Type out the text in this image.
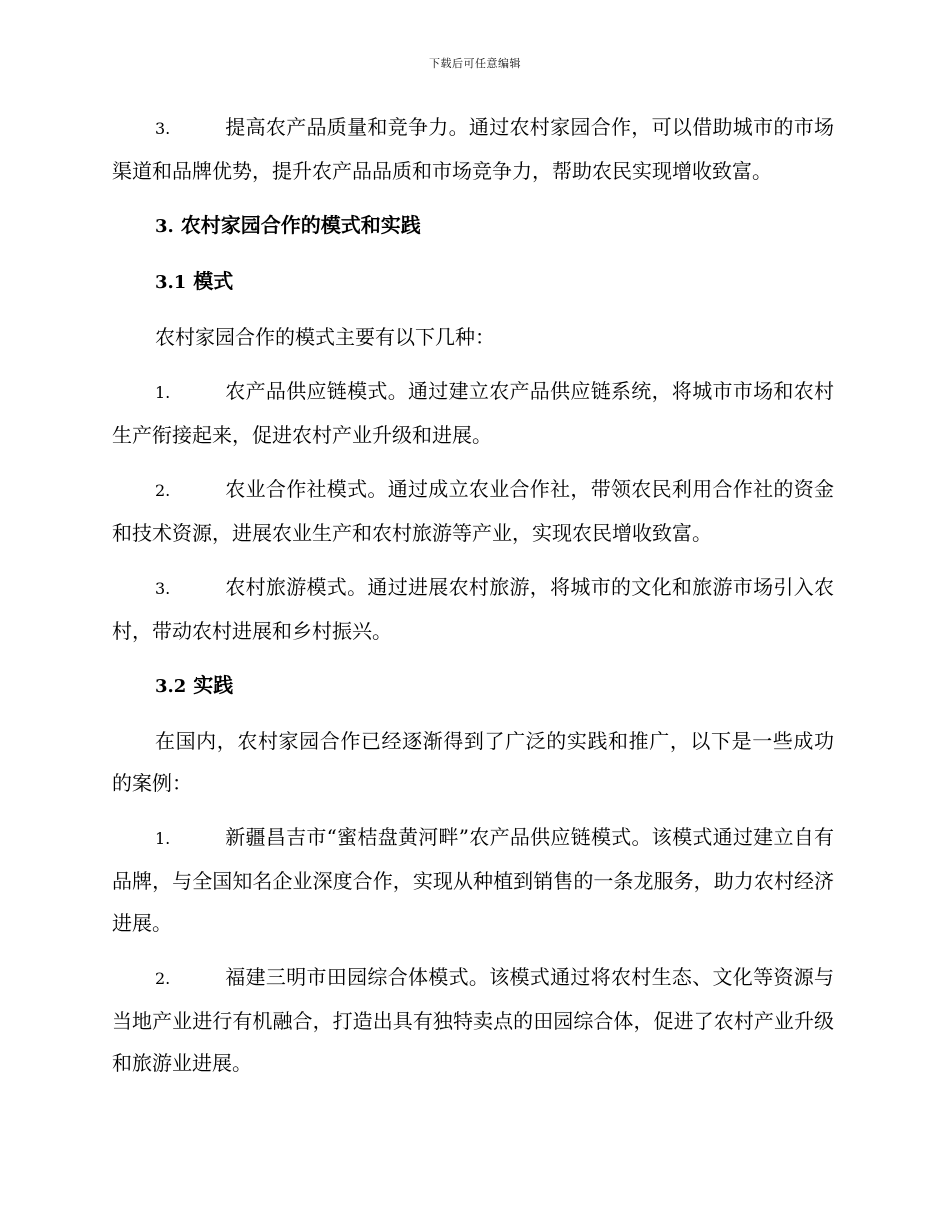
下载后可任意编辑

3.	提高农产品质量和竞争力。通过农村家园合作，可以借助城市的市场渠道和品牌优势，提升农产品品质和市场竞争力，帮助农民实现增收致富。

3. 农村家园合作的模式和实践

3.1 模式

农村家园合作的模式主要有以下几种：

1.	农产品供应链模式。通过建立农产品供应链系统，将城市市场和农村生产衔接起来，促进农村产业升级和进展。

2.	农业合作社模式。通过成立农业合作社，带领农民利用合作社的资金和技术资源，进展农业生产和农村旅游等产业，实现农民增收致富。

3.	农村旅游模式。通过进展农村旅游，将城市的文化和旅游市场引入农村，带动农村进展和乡村振兴。

3.2 实践

在国内，农村家园合作已经逐渐得到了广泛的实践和推广，以下是一些成功的案例：

1.	新疆昌吉市“蜜桔盘黄河畔”农产品供应链模式。该模式通过建立自有品牌，与全国知名企业深度合作，实现从种植到销售的一条龙服务，助力农村经济进展。

2.	福建三明市田园综合体模式。该模式通过将农村生态、文化等资源与当地产业进行有机融合，打造出具有独特卖点的田园综合体，促进了农村产业升级和旅游业进展。
